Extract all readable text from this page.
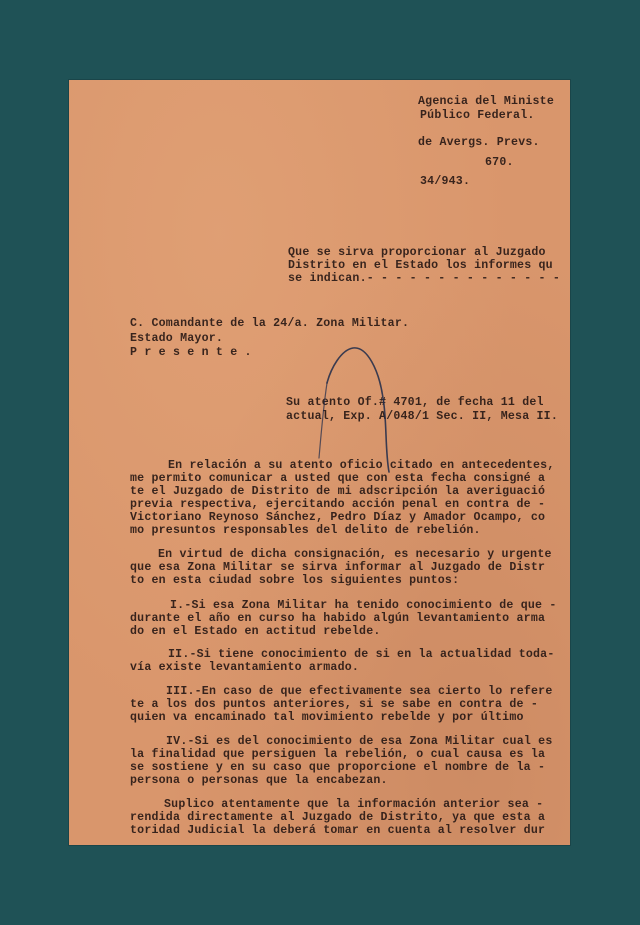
Agencia del Ministe
Público Federal.
de Avergs. Prevs.
670.
34/943.
Que se sirva proporcionar al Juzgado
Distrito en el Estado los informes qu
se indican.- - - - - - - - - - - - - -
C. Comandante de la 24/a. Zona Militar.
Estado Mayor.
P r e s e n t e .
Su atento Of.# 4701, de fecha 11 del
actual, Exp. A/048/1 Sec. II, Mesa II.
En relación a su atento oficio citado en antecedentes,
me permito comunicar a usted que con esta fecha consigné a
te el Juzgado de Distrito de mi adscripción la averiguació
previa respectiva, ejercitando acción penal en contra de -
Victoriano Reynoso Sánchez, Pedro Díaz y Amador Ocampo, co
mo presuntos responsables del delito de rebelión.
En virtud de dicha consignación, es necesario y urgente
que esa Zona Militar se sirva informar al Juzgado de Distr
to en esta ciudad sobre los siguientes puntos:
I.-Si esa Zona Militar ha tenido conocimiento de que -
durante el año en curso ha habido algún levantamiento arma
do en el Estado en actitud rebelde.
II.-Si tiene conocimiento de si en la actualidad toda-
vía existe levantamiento armado.
III.-En caso de que efectivamente sea cierto lo refere
te a los dos puntos anteriores, si se sabe en contra de -
quien va encaminado tal movimiento rebelde y por último
IV.-Si es del conocimiento de esa Zona Militar cual es
la finalidad que persiguen la rebelión, o cual causa es la
se sostiene y en su caso que proporcione el nombre de la -
persona o personas que la encabezan.
Suplico atentamente que la información anterior sea -
rendida directamente al Juzgado de Distrito, ya que esta a
toridad Judicial la deberá tomar en cuenta al resolver dur
